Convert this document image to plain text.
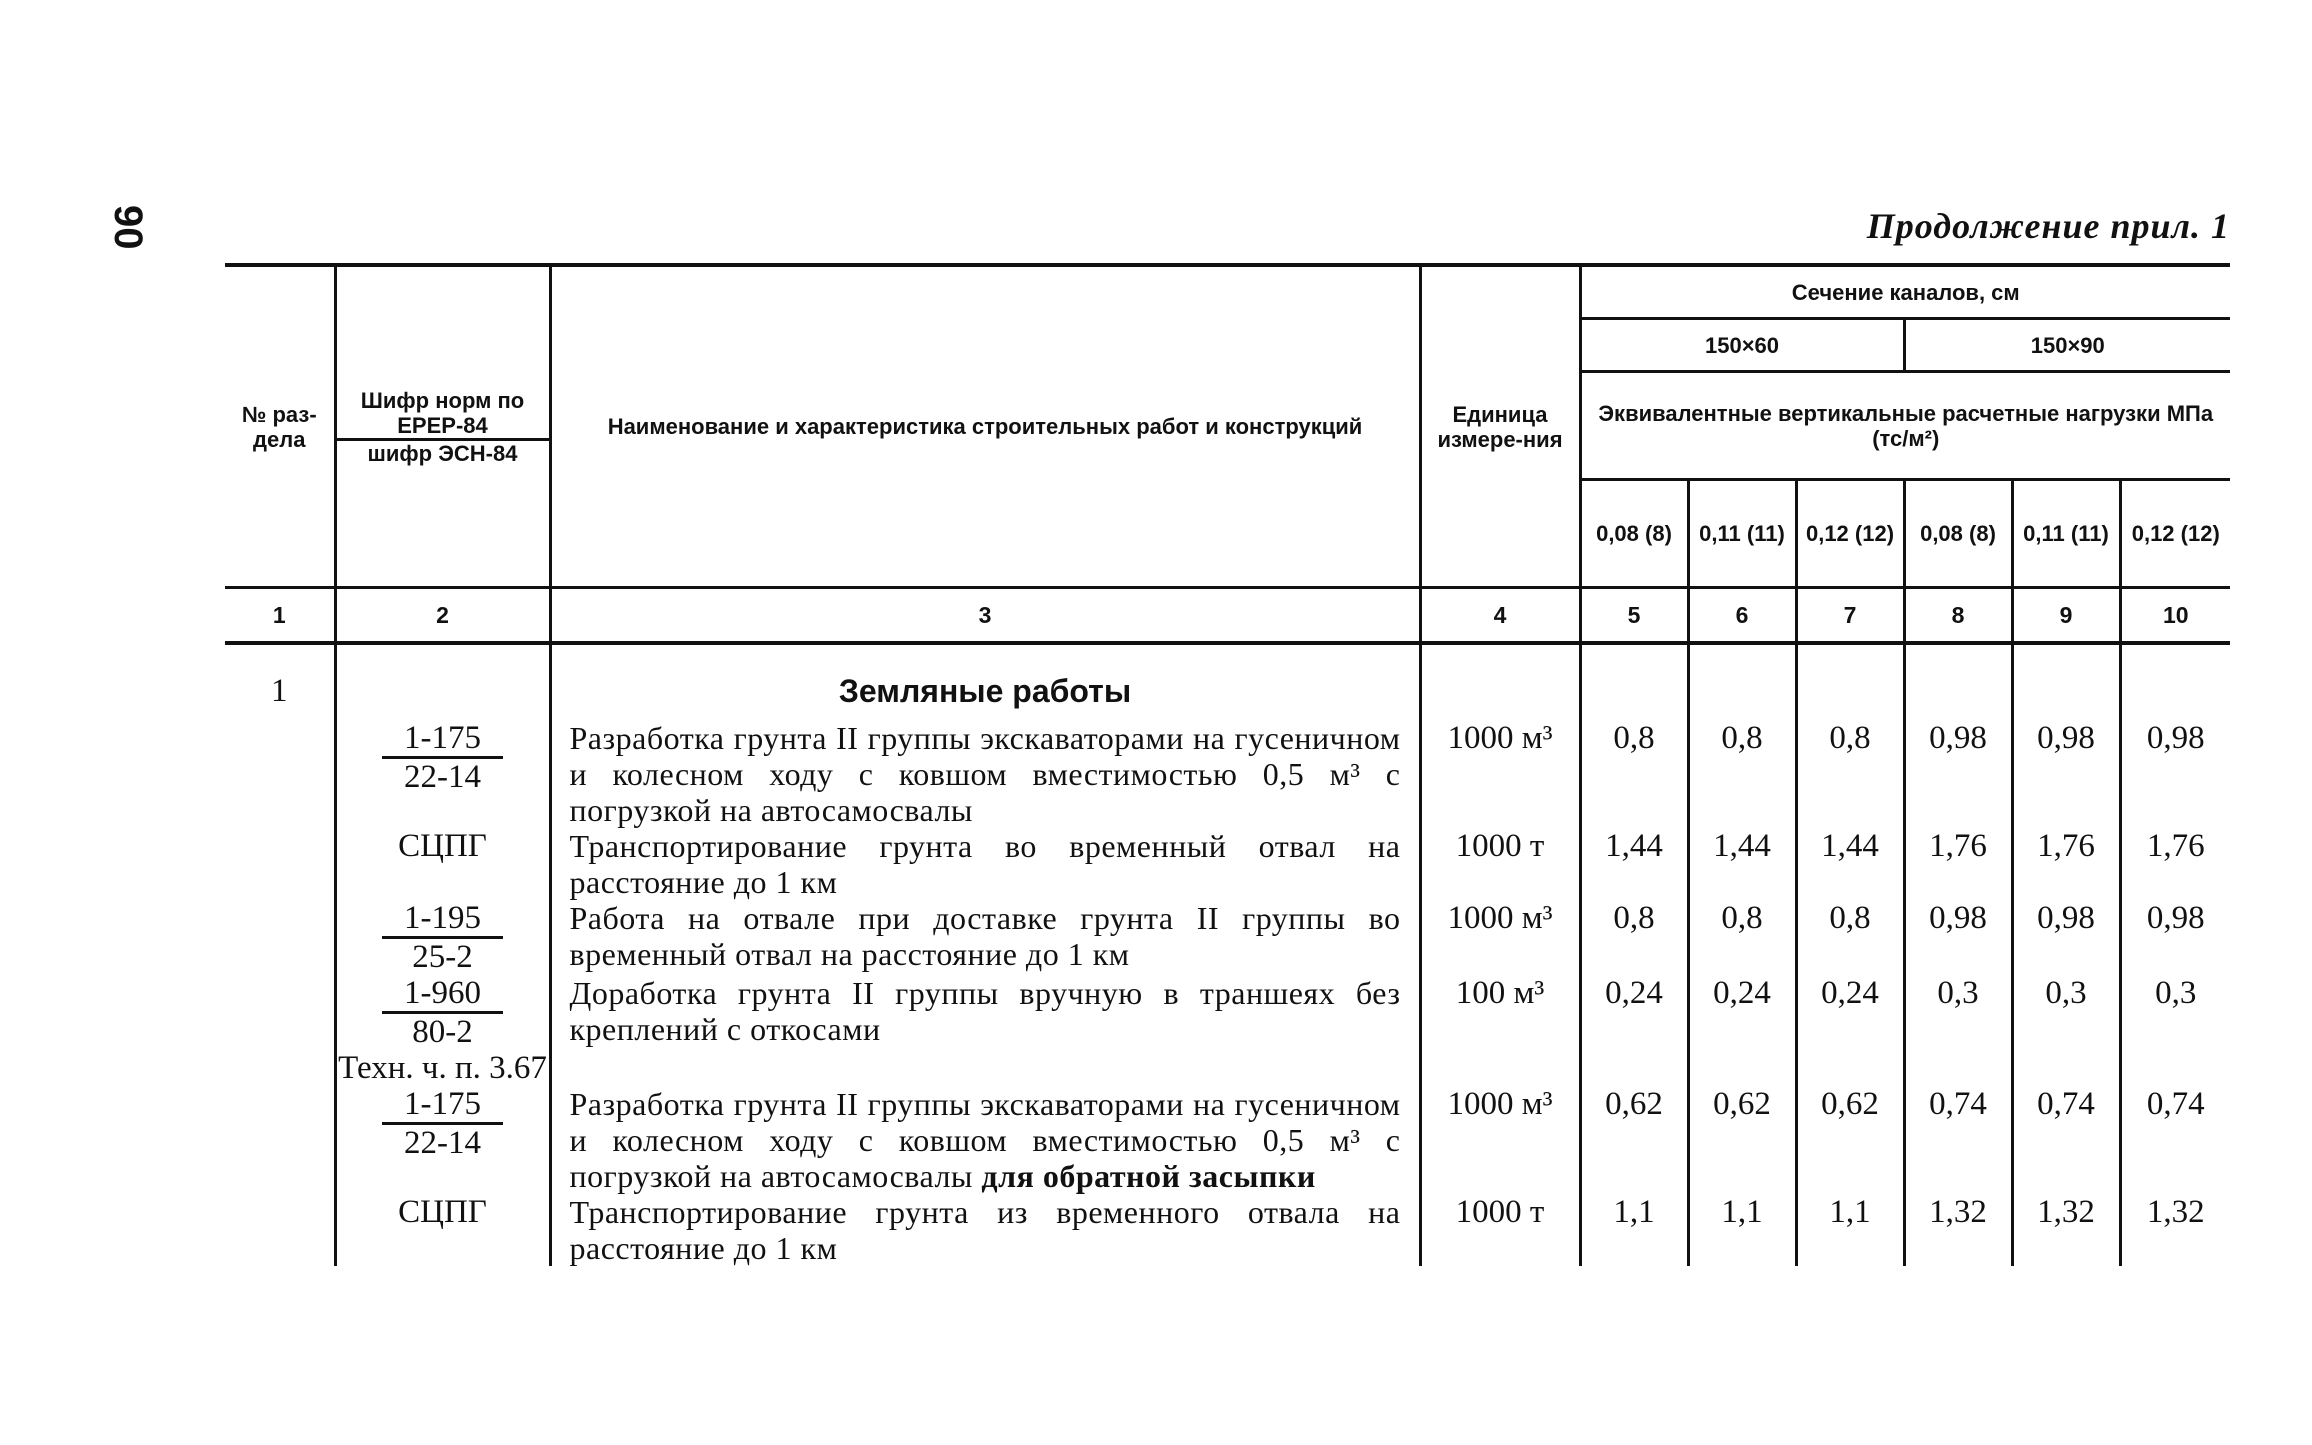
90	Продолжение прил. 1
№ раз-дела	Шифр норм по ЕРЕР-84
шифр ЭСН-84	Наименование и характеристика строительных работ и конструкций	Единица измере-ния	Сечение каналов, см					
				150×60			150×90		
				Эквивалентные вертикальные расчетные нагрузки МПа (тс/м²)					
				0,08 (8)	0,11 (11)	0,12 (12)	0,08 (8)	0,11 (11)	0,12 (12)
1	2	3	4	5	6	7	8	9	10

1		Земляные работы							

	$\frac{1-175}{22-14}$	Разработка грунта II группы экскаваторами на гусеничном и колесном ходу с ковшом вместимостью 0,5 м³ с погрузкой на автосамосвалы	1000 м³	0,8	0,8	0,8	0,98	0,98	0,98
	СЦПГ	Транспортирование грунта во временный отвал на расстояние до 1 км	1000 т	1,44	1,44	1,44	1,76	1,76	1,76

	$\frac{1-195}{25-2}$	Работа на отвале при доставке грунта II группы во временный отвал на расстояние до 1 км	1000 м³	0,8	0,8	0,8	0,98	0,98	0,98

	$\frac{1-960}{80-2}$	Доработка грунта II группы вручную в траншеях без креплений с откосами	100 м³	0,24	0,24	0,24	0,3	0,3	0,3
	Техн. ч. п. 3.67								

	$\frac{1-175}{22-14}$	Разработка грунта II группы экскаваторами на гусеничном и колесном ходу с ковшом вместимостью 0,5 м³ с погрузкой на автосамосвалы для обратной засыпки	1000 м³	0,62	0,62	0,62	0,74	0,74	0,74
	СЦПГ	Транспортирование грунта из временного отвала на расстояние до 1 км	1000 т	1,1	1,1	1,1	1,32	1,32	1,32
